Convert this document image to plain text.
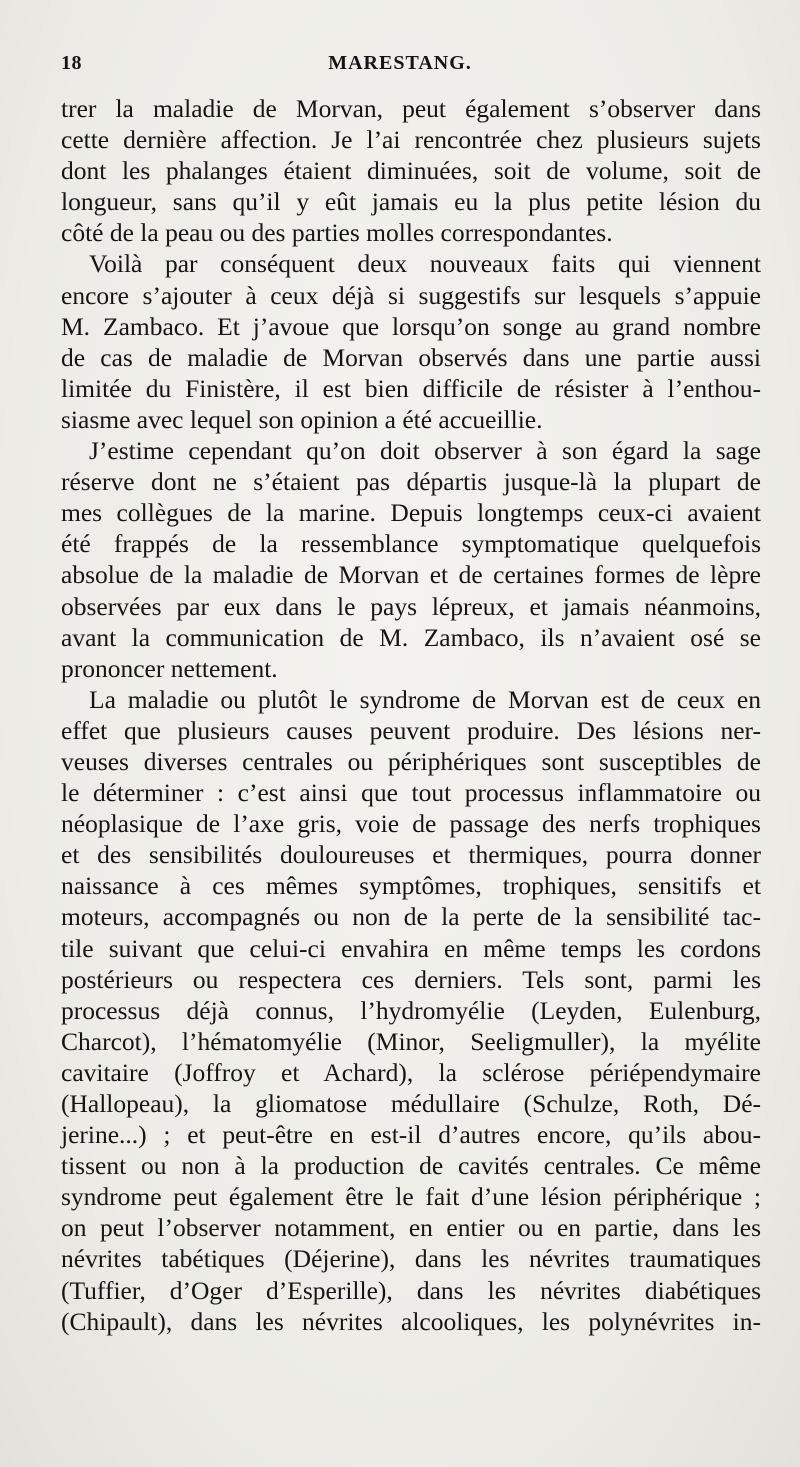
18	MARESTANG.
trer la maladie de Morvan, peut également s’observer dans
cette dernière affection. Je l’ai rencontrée chez plusieurs sujets
dont les phalanges étaient diminuées, soit de volume, soit de
longueur, sans qu’il y eût jamais eu la plus petite lésion du
côté de la peau ou des parties molles correspondantes.
Voilà par conséquent deux nouveaux faits qui viennent
encore s’ajouter à ceux déjà si suggestifs sur lesquels s’appuie
M. Zambaco. Et j’avoue que lorsqu’on songe au grand nombre
de cas de maladie de Morvan observés dans une partie aussi
limitée du Finistère, il est bien difficile de résister à l’enthou-
siasme avec lequel son opinion a été accueillie.
J’estime cependant qu’on doit observer à son égard la sage
réserve dont ne s’étaient pas départis jusque-là la plupart de
mes collègues de la marine. Depuis longtemps ceux-ci avaient
été frappés de la ressemblance symptomatique quelquefois
absolue de la maladie de Morvan et de certaines formes de lèpre
observées par eux dans le pays lépreux, et jamais néanmoins,
avant la communication de M. Zambaco, ils n’avaient osé se
prononcer nettement.
La maladie ou plutôt le syndrome de Morvan est de ceux en
effet que plusieurs causes peuvent produire. Des lésions ner-
veuses diverses centrales ou périphériques sont susceptibles de
le déterminer : c’est ainsi que tout processus inflammatoire ou
néoplasique de l’axe gris, voie de passage des nerfs trophiques
et des sensibilités douloureuses et thermiques, pourra donner
naissance à ces mêmes symptômes, trophiques, sensitifs et
moteurs, accompagnés ou non de la perte de la sensibilité tac-
tile suivant que celui-ci envahira en même temps les cordons
postérieurs ou respectera ces derniers. Tels sont, parmi les
processus déjà connus, l’hydromyélie (Leyden, Eulenburg,
Charcot), l’hématomyélie (Minor, Seeligmuller), la myélite
cavitaire (Joffroy et Achard), la sclérose périépendymaire
(Hallopeau), la gliomatose médullaire (Schulze, Roth, Dé-
jerine...) ; et peut-être en est-il d’autres encore, qu’ils abou-
tissent ou non à la production de cavités centrales. Ce même
syndrome peut également être le fait d’une lésion périphérique ;
on peut l’observer notamment, en entier ou en partie, dans les
névrites tabétiques (Déjerine), dans les névrites traumatiques
(Tuffier, d’Oger d’Esperille), dans les névrites diabétiques
(Chipault), dans les névrites alcooliques, les polynévrites in-
